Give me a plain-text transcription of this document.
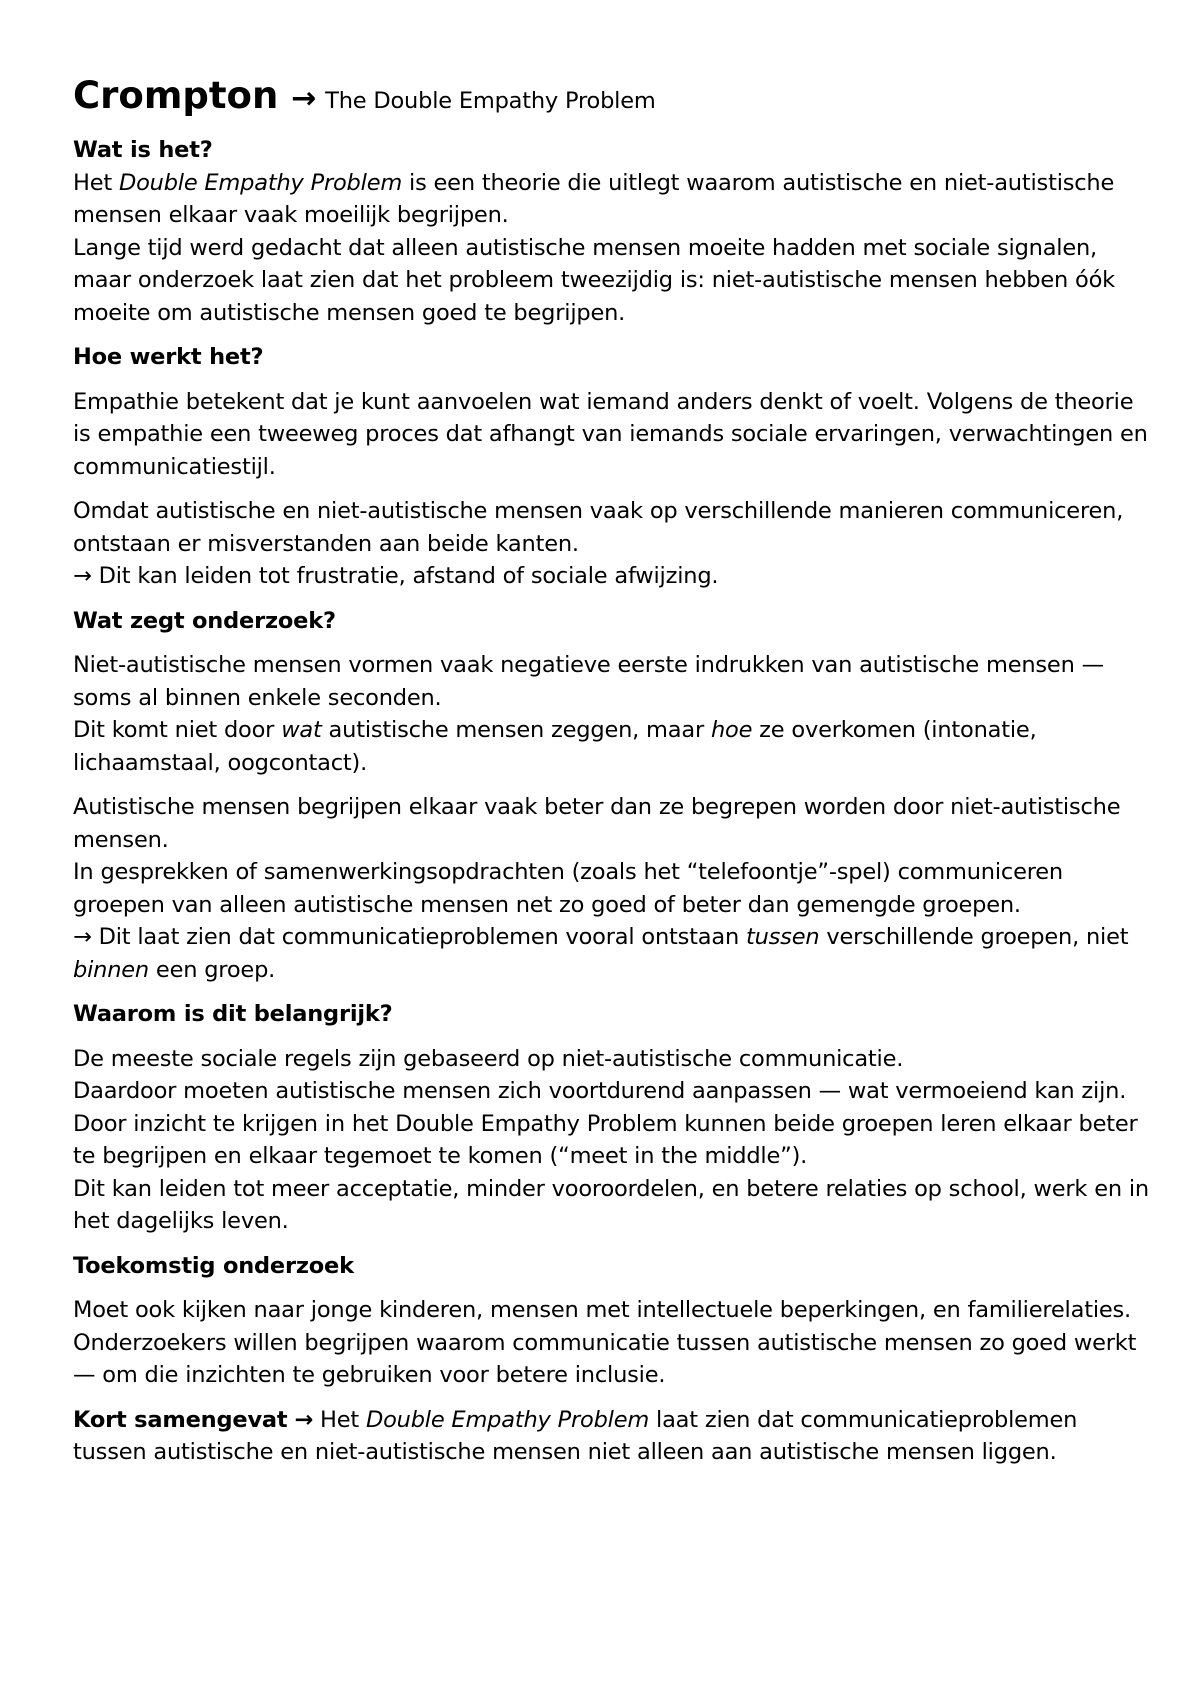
Crompton → The Double Empathy Problem
Wat is het?

Het Double Empathy Problem is een theorie die uitlegt waarom autistische en niet-autistische mensen elkaar vaak moeilijk begrijpen.

Lange tijd werd gedacht dat alleen autistische mensen moeite hadden met sociale signalen, maar onderzoek laat zien dat het probleem tweezijdig is: niet-autistische mensen hebben óók moeite om autistische mensen goed te begrijpen.

Hoe werkt het?

Empathie betekent dat je kunt aanvoelen wat iemand anders denkt of voelt. Volgens de theorie is empathie een tweeweg proces dat afhangt van iemands sociale ervaringen, verwachtingen en communicatiestijl.

Omdat autistische en niet-autistische mensen vaak op verschillende manieren communiceren, ontstaan er misverstanden aan beide kanten.

→ Dit kan leiden tot frustratie, afstand of sociale afwijzing.

Wat zegt onderzoek?

Niet-autistische mensen vormen vaak negatieve eerste indrukken van autistische mensen — soms al binnen enkele seconden.

Dit komt niet door wat autistische mensen zeggen, maar hoe ze overkomen (intonatie, lichaamstaal, oogcontact).

Autistische mensen begrijpen elkaar vaak beter dan ze begrepen worden door niet-autistische mensen.

In gesprekken of samenwerkingsopdrachten (zoals het “telefoontje”-spel) communiceren groepen van alleen autistische mensen net zo goed of beter dan gemengde groepen.

→ Dit laat zien dat communicatieproblemen vooral ontstaan tussen verschillende groepen, niet binnen een groep.

Waarom is dit belangrijk?

De meeste sociale regels zijn gebaseerd op niet-autistische communicatie.

Daardoor moeten autistische mensen zich voortdurend aanpassen — wat vermoeiend kan zijn. Door inzicht te krijgen in het Double Empathy Problem kunnen beide groepen leren elkaar beter te begrijpen en elkaar tegemoet te komen (“meet in the middle”).

Dit kan leiden tot meer acceptatie, minder vooroordelen, en betere relaties op school, werk en in het dagelijks leven.

Toekomstig onderzoek

Moet ook kijken naar jonge kinderen, mensen met intellectuele beperkingen, en familierelaties. Onderzoekers willen begrijpen waarom communicatie tussen autistische mensen zo goed werkt — om die inzichten te gebruiken voor betere inclusie.

Kort samengevat → Het Double Empathy Problem laat zien dat communicatieproblemen tussen autistische en niet-autistische mensen niet alleen aan autistische mensen liggen.
